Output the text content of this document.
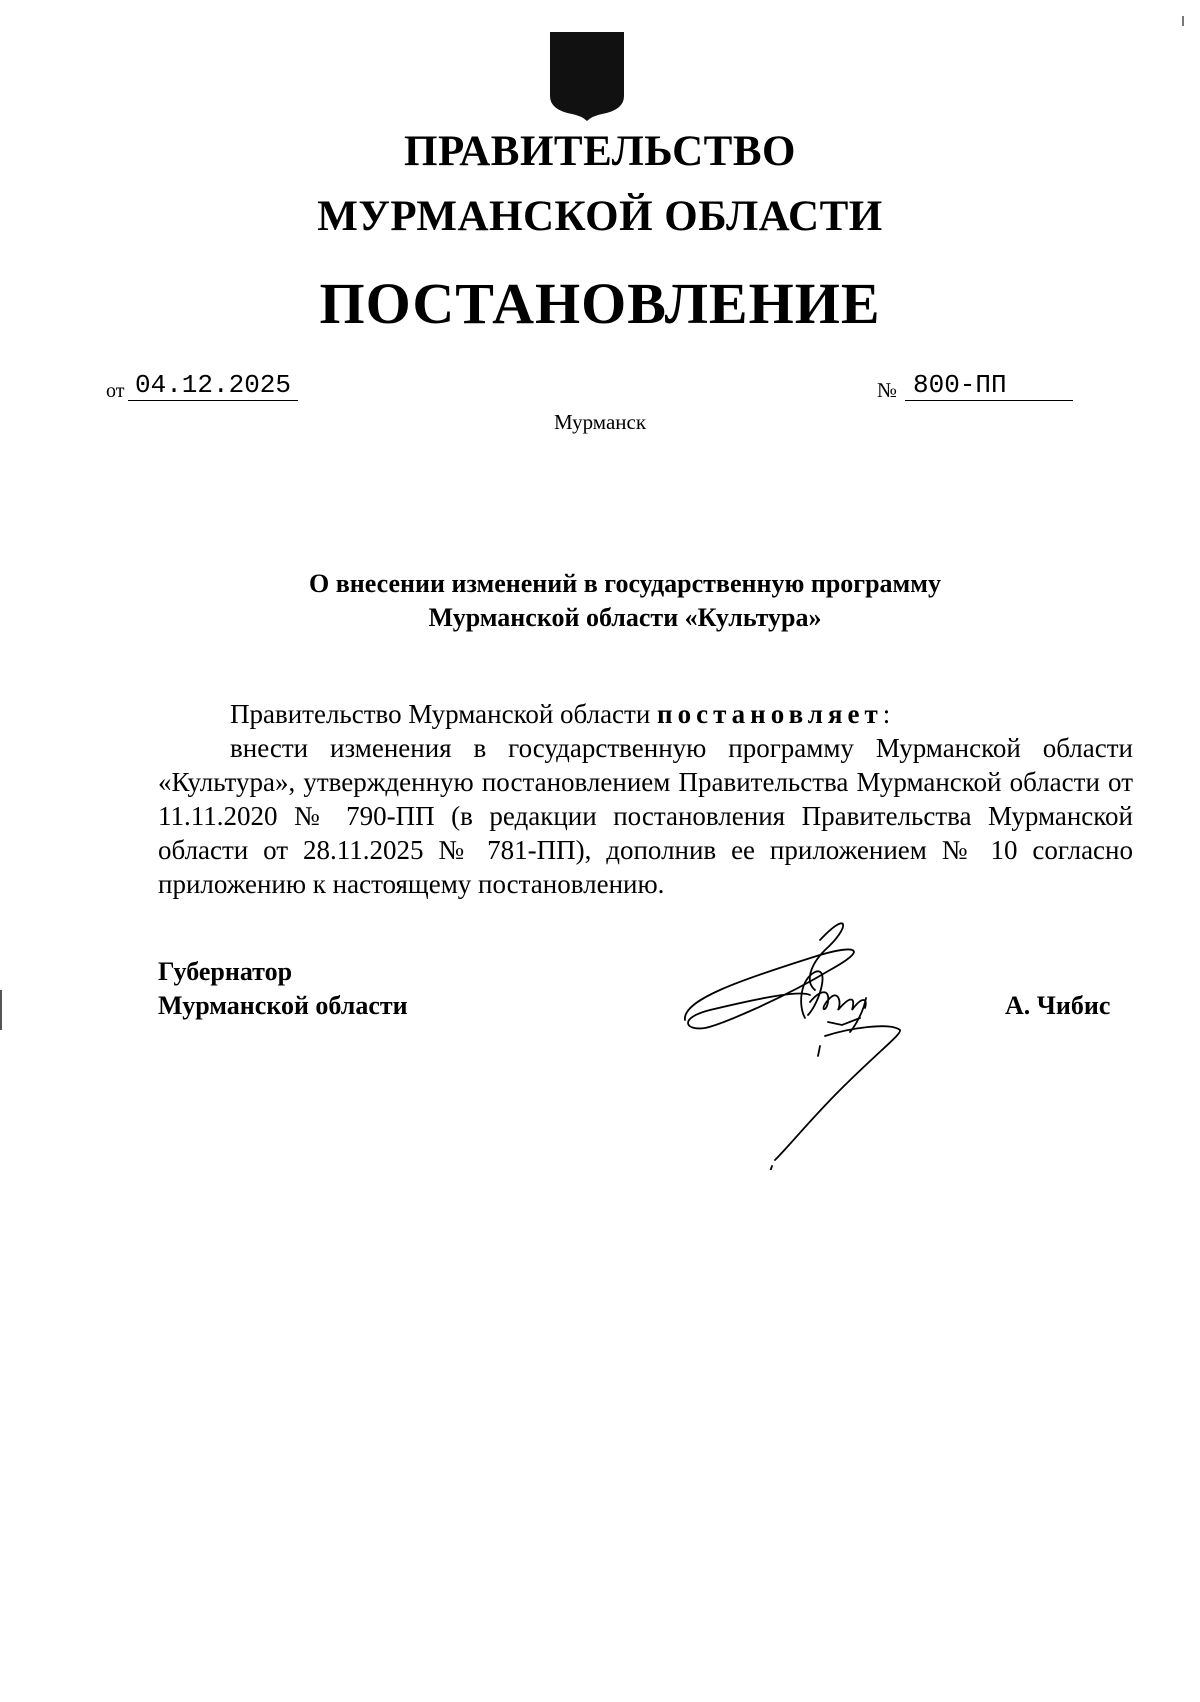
ПРАВИТЕЛЬСТВО
МУРМАНСКОЙ ОБЛАСТИ
ПОСТАНОВЛЕНИЕ
от 04.12.2025	№ 800-ПП
Мурманск
О внесении изменений в государственную программу
Мурманской области «Культура»
Правительство Мурманской области постановляет:
внести изменения в государственную программу Мурманской области «Культура», утвержденную постановлением Правительства Мурманской области от 11.11.2020 № 790-ПП (в редакции постановления Правительства Мурманской области от 28.11.2025 № 781-ПП), дополнив ее приложением № 10 согласно приложению к настоящему постановлению.
Губернатор
Мурманской области	А. Чибис
